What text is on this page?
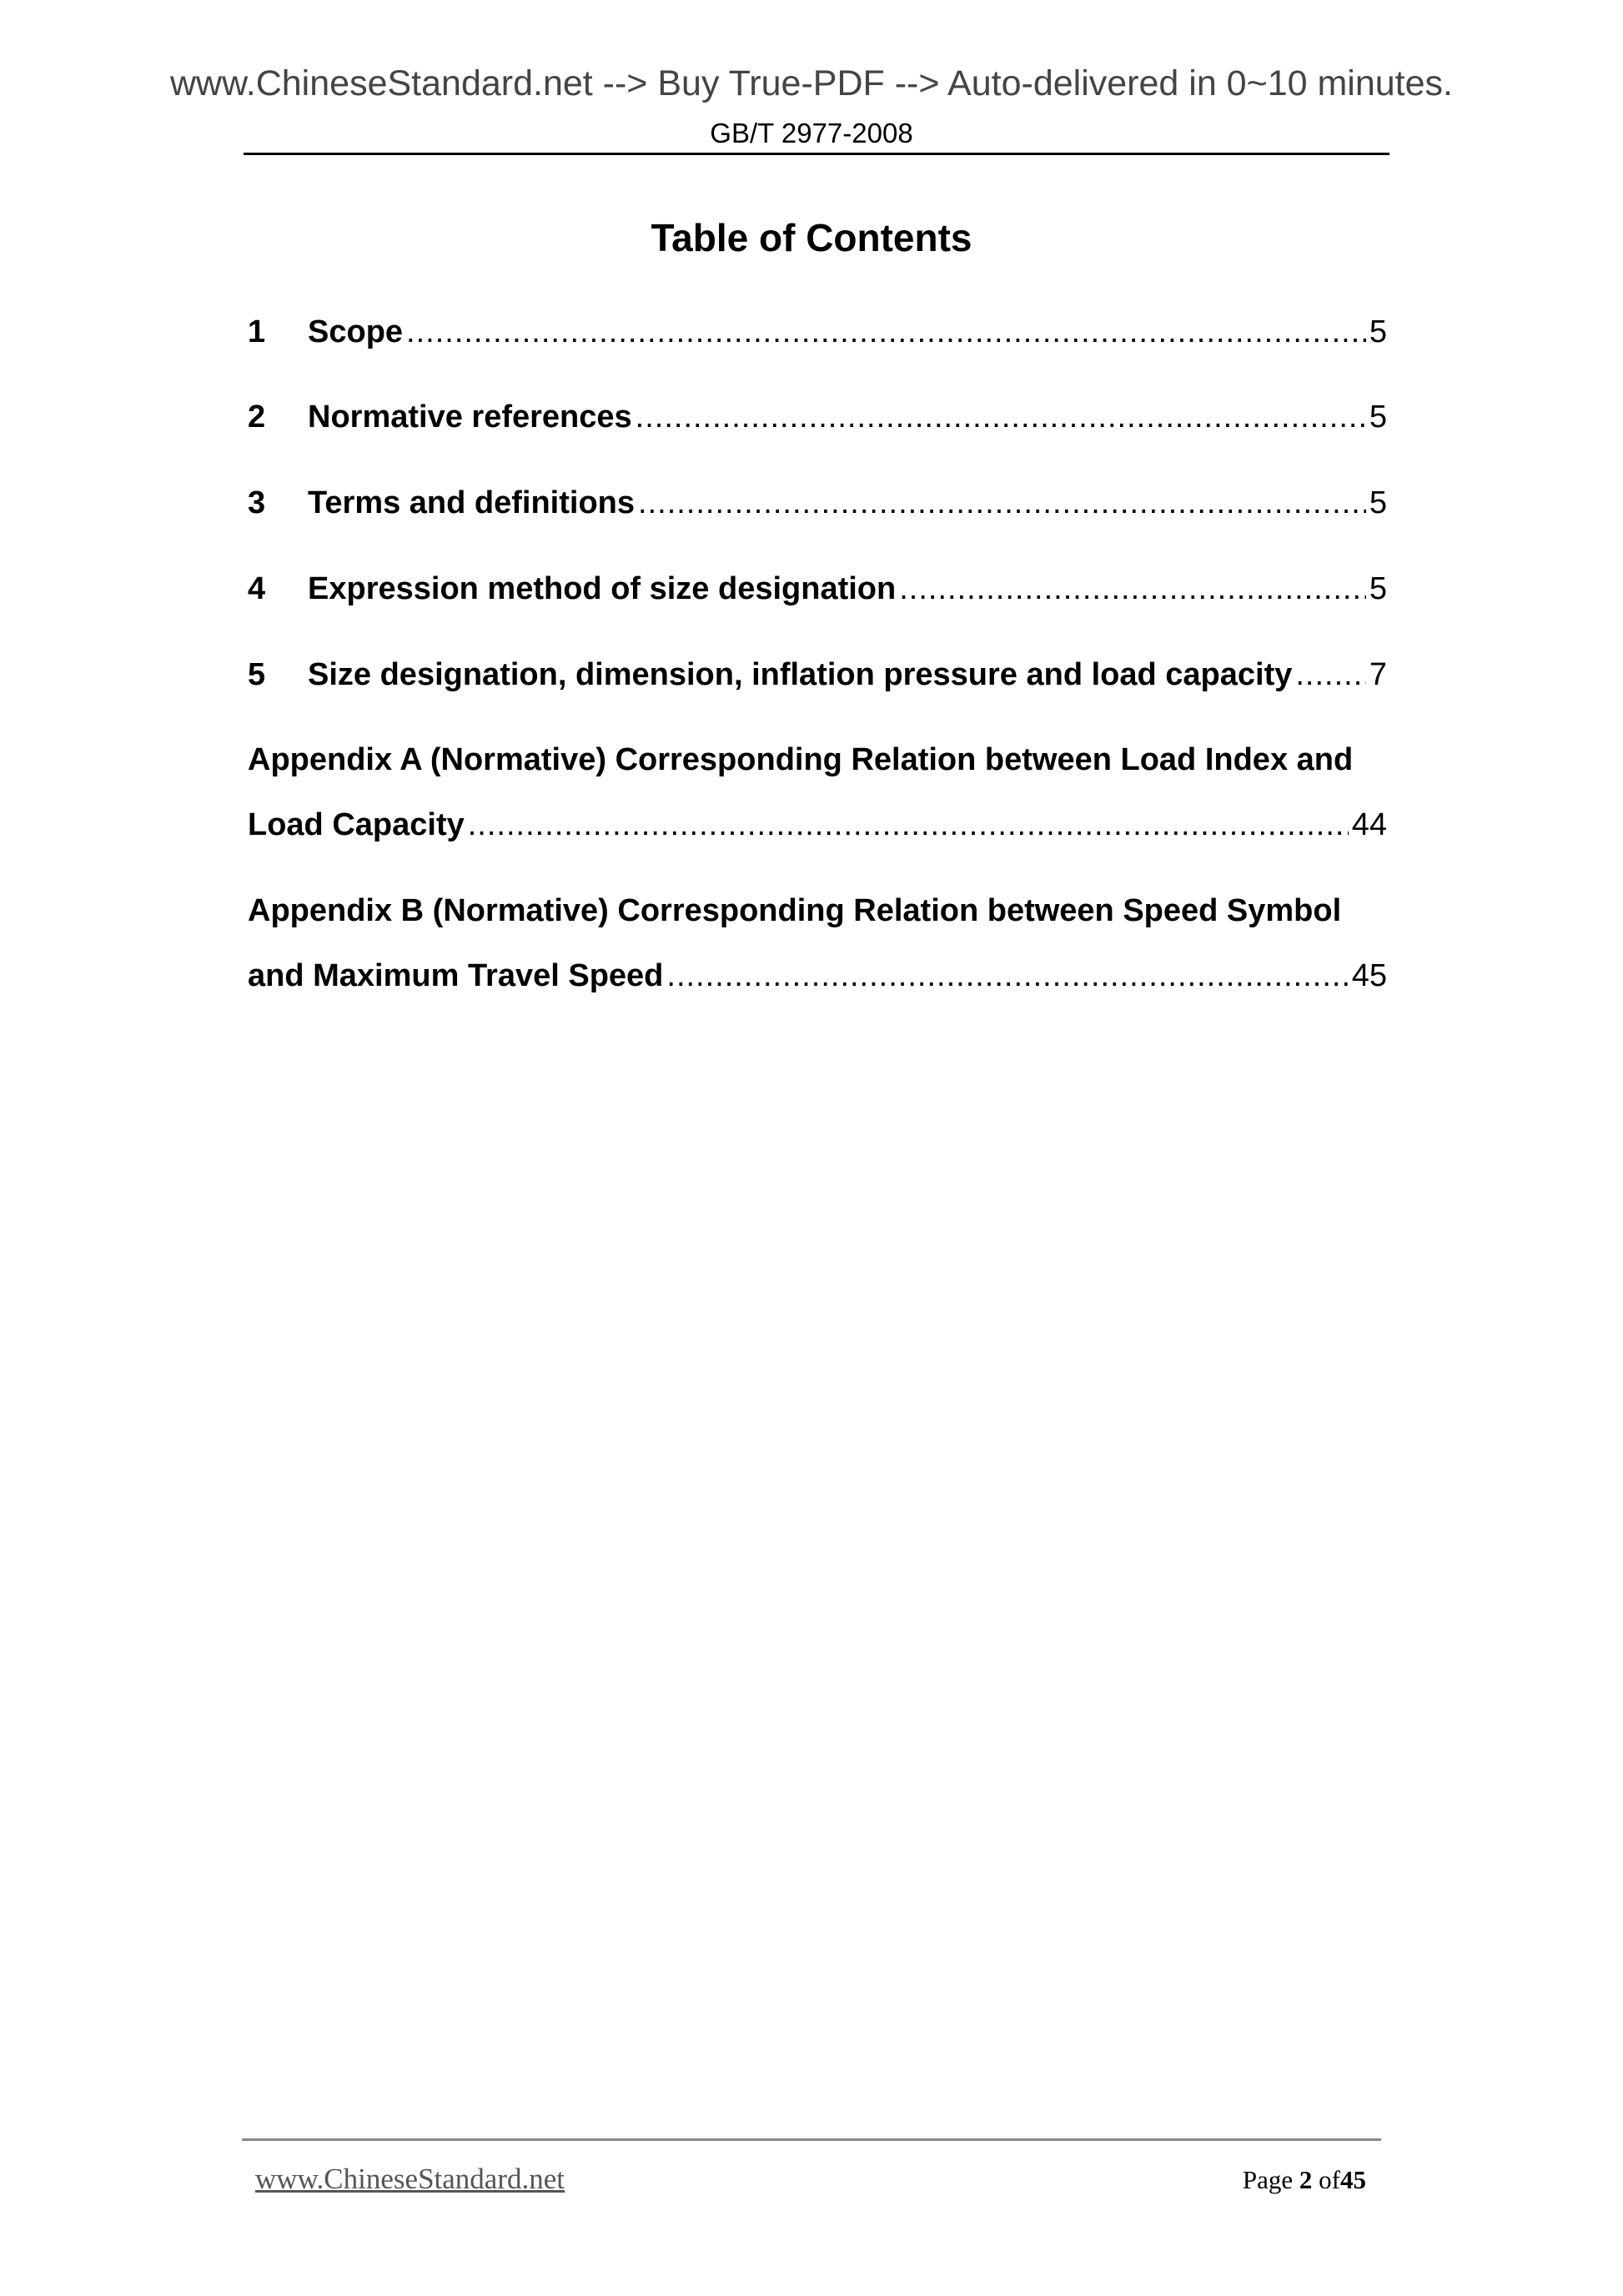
www.ChineseStandard.net --> Buy True-PDF --> Auto-delivered in 0~10 minutes.
GB/T 2977-2008
Table of Contents
1	Scope .....	5
2	Normative references .....	5
3	Terms and definitions .....	5
4	Expression method of size designation .....	5
5	Size designation, dimension, inflation pressure and load capacity ..... 7
Appendix A (Normative) Corresponding Relation between Load Index and
Load Capacity .....	44
Appendix B (Normative) Corresponding Relation between Speed Symbol
and Maximum Travel Speed .....	45
www.ChineseStandard.net	Page 2 of45
